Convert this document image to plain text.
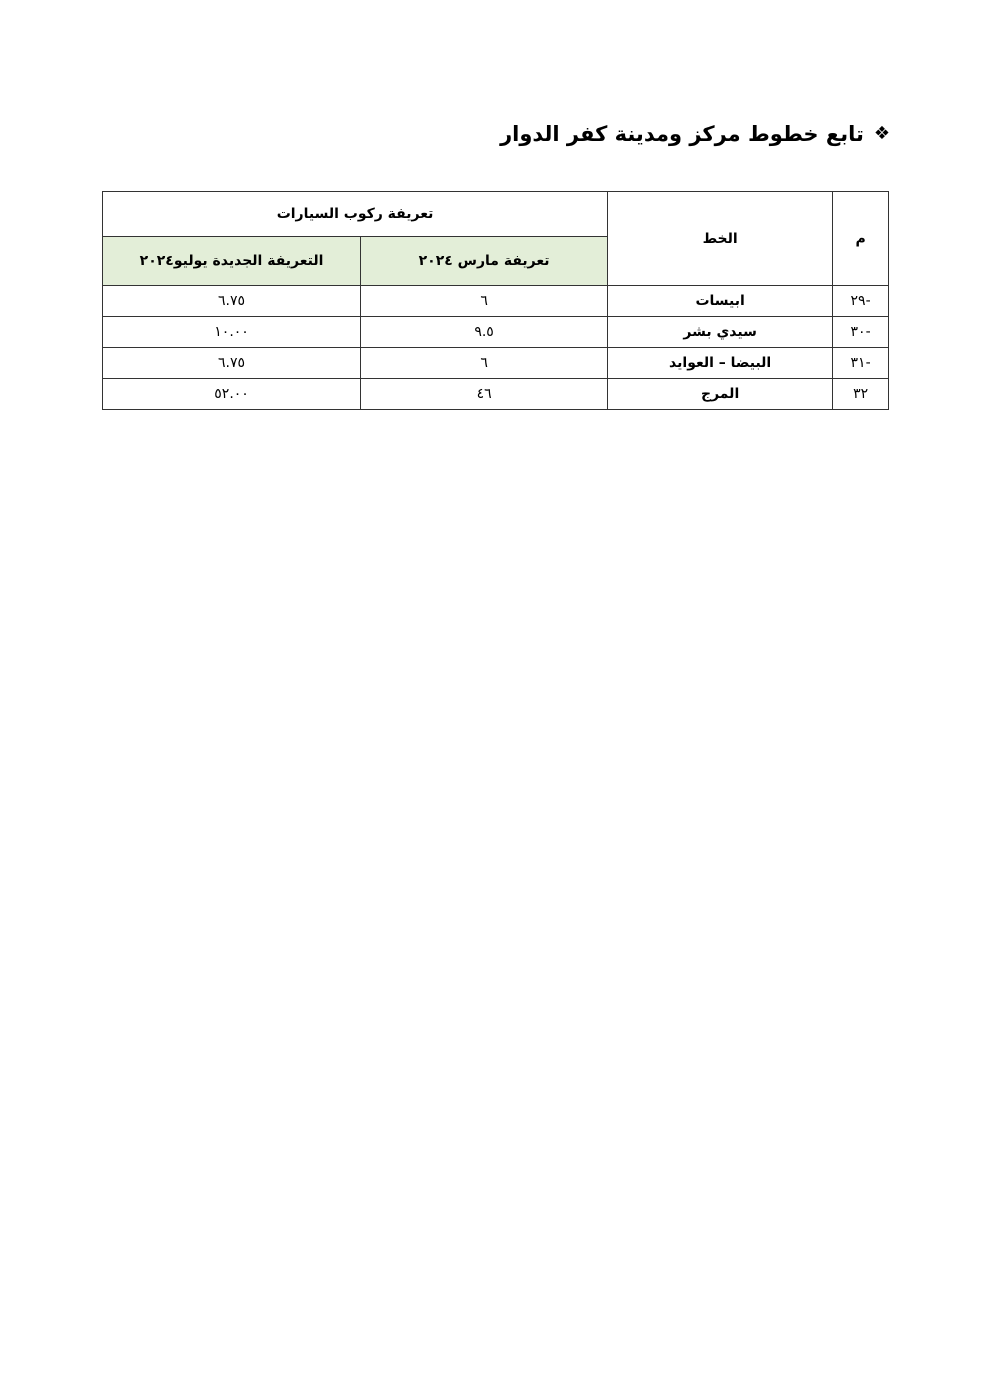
❖
تابع خطوط مركز ومدينة كفر الدوار
م	الخط	تعريفة ركوب السيارات	
		تعريفة مارس ٢٠٢٤	التعريفة الجديدة يوليو٢٠٢٤
-٢٩	ابيسات	٦	٦.٧٥
-٣٠	سيدي بشر	٩.٥	١٠.٠٠
-٣١	البيضا – العوايد	٦	٦.٧٥
٣٢	المرج	٤٦	٥٢.٠٠
